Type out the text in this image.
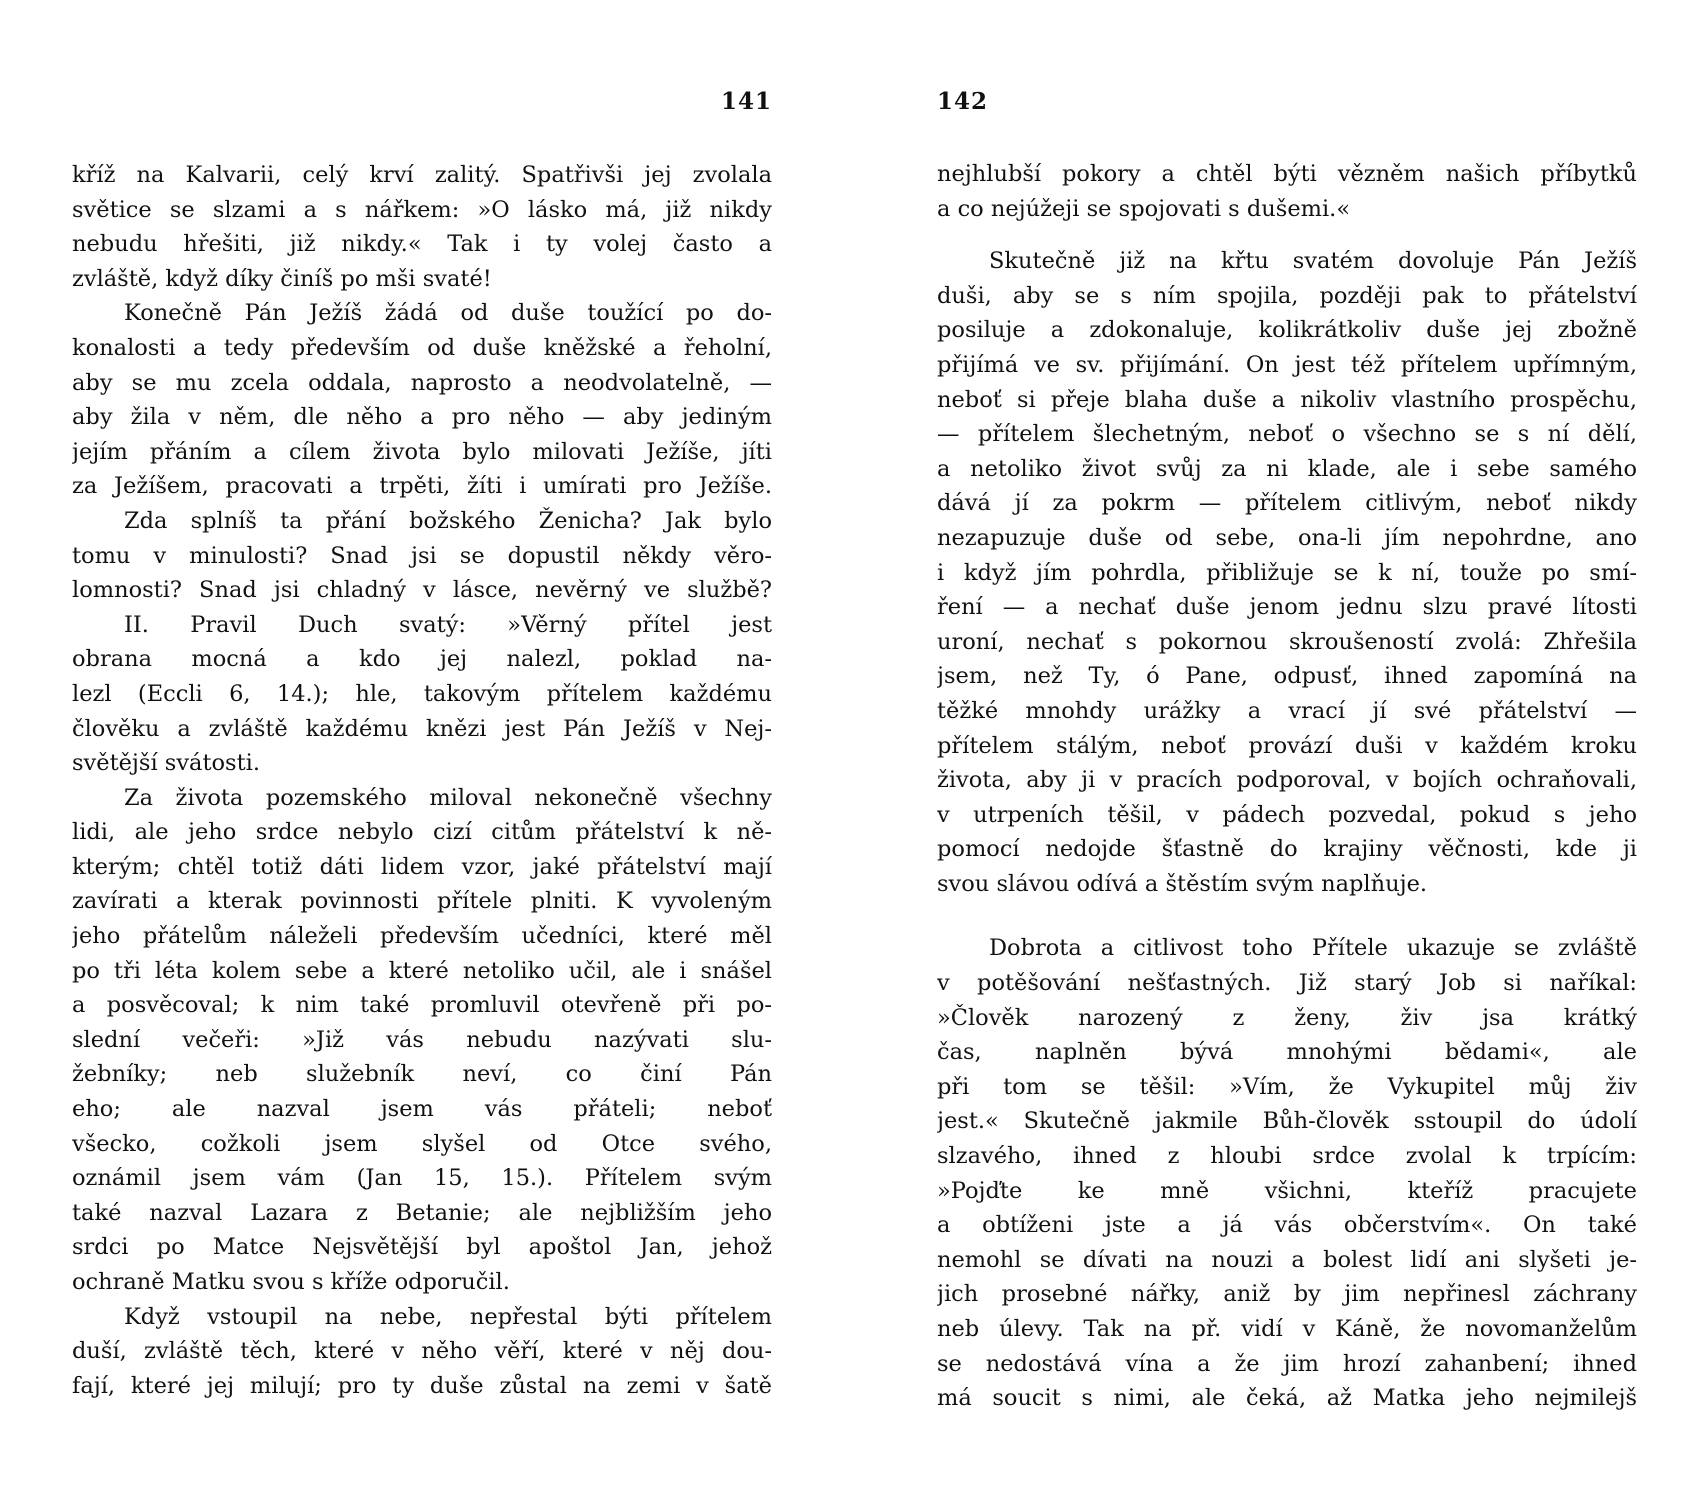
141
kříž na Kalvarii, celý krví zalitý. Spatřivši jej zvolala
světice se slzami a s nářkem: »O lásko má, již nikdy
nebudu hřešiti, již nikdy.« Tak i ty volej často a
zvláště, když díky činíš po mši svaté!
Konečně Pán Ježíš žádá od duše toužící po do-
konalosti a tedy především od duše kněžské a řeholní,
aby se mu zcela oddala, naprosto a neodvolatelně, —
aby žila v něm, dle něho a pro něho — aby jediným
jejím přáním a cílem života bylo milovati Ježíše, jíti
za Ježíšem, pracovati a trpěti, žíti i umírati pro Ježíše.
Zda splníš ta přání božského Ženicha? Jak bylo
tomu v minulosti? Snad jsi se dopustil někdy věro-
lomnosti? Snad jsi chladný v lásce, nevěrný ve službě?
II. Pravil Duch svatý: »Věrný přítel jest
obrana mocná a kdo jej nalezl, poklad na-
lezl (Eccli 6, 14.); hle, takovým přítelem každému
člověku a zvláště každému knězi jest Pán Ježíš v Nej-
světější svátosti.
Za života pozemského miloval nekonečně všechny
lidi, ale jeho srdce nebylo cizí citům přátelství k ně-
kterým; chtěl totiž dáti lidem vzor, jaké přátelství mají
zavírati a kterak povinnosti přítele plniti. K vyvoleným
jeho přátelům náleželi především učedníci, které měl
po tři léta kolem sebe a které netoliko učil, ale i snášel
a posvěcoval; k nim také promluvil otevřeně při po-
slední večeři: »Již vás nebudu nazývati slu-
žebníky; neb služebník neví, co činí Pán
eho; ale nazval jsem vás přáteli; neboť
všecko, cožkoli jsem slyšel od Otce svého,
oznámil jsem vám (Jan 15, 15.). Přítelem svým
také nazval Lazara z Betanie; ale nejbližším jeho
srdci po Matce Nejsvětější byl apoštol Jan, jehož
ochraně Matku svou s kříže odporučil.
Když vstoupil na nebe, nepřestal býti přítelem
duší, zvláště těch, které v něho věří, které v něj dou-
fají, které jej milují; pro ty duše zůstal na zemi v šatě
142
nejhlubší pokory a chtěl býti vězněm našich příbytků
a co nejúžeji se spojovati s dušemi.«
Skutečně již na křtu svatém dovoluje Pán Ježíš
duši, aby se s ním spojila, později pak to přátelství
posiluje a zdokonaluje, kolikrátkoliv duše jej zbožně
přijímá ve sv. přijímání. On jest též přítelem upřímným,
neboť si přeje blaha duše a nikoliv vlastního prospěchu,
— přítelem šlechetným, neboť o všechno se s ní dělí,
a netoliko život svůj za ni klade, ale i sebe samého
dává jí za pokrm — přítelem citlivým, neboť nikdy
nezapuzuje duše od sebe, ona-li jím nepohrdne, ano
i když jím pohrdla, přibližuje se k ní, touže po smí-
ření — a nechať duše jenom jednu slzu pravé lítosti
uroní, nechať s pokornou skroušeností zvolá: Zhřešila
jsem, než Ty, ó Pane, odpusť, ihned zapomíná na
těžké mnohdy urážky a vrací jí své přátelství —
přítelem stálým, neboť provází duši v každém kroku
života, aby ji v pracích podporoval, v bojích ochraňovali,
v utrpeních těšil, v pádech pozvedal, pokud s jeho
pomocí nedojde šťastně do krajiny věčnosti, kde ji
svou slávou odívá a štěstím svým naplňuje.
Dobrota a citlivost toho Přítele ukazuje se zvláště
v potěšování nešťastných. Již starý Job si naříkal:
»Člověk narozený z ženy, živ jsa krátký
čas, naplněn bývá mnohými bědami«, ale
při tom se těšil: »Vím, že Vykupitel můj živ
jest.« Skutečně jakmile Bůh-člověk sstoupil do údolí
slzavého, ihned z hloubi srdce zvolal k trpícím:
»Pojďte ke mně všichni, kteříž pracujete
a obtíženi jste a já vás občerstvím«. On také
nemohl se dívati na nouzi a bolest lidí ani slyšeti je-
jich prosebné nářky, aniž by jim nepřinesl záchrany
neb úlevy. Tak na př. vidí v Káně, že novomanželům
se nedostává vína a že jim hrozí zahanbení; ihned
má soucit s nimi, ale čeká, až Matka jeho nejmilejš
